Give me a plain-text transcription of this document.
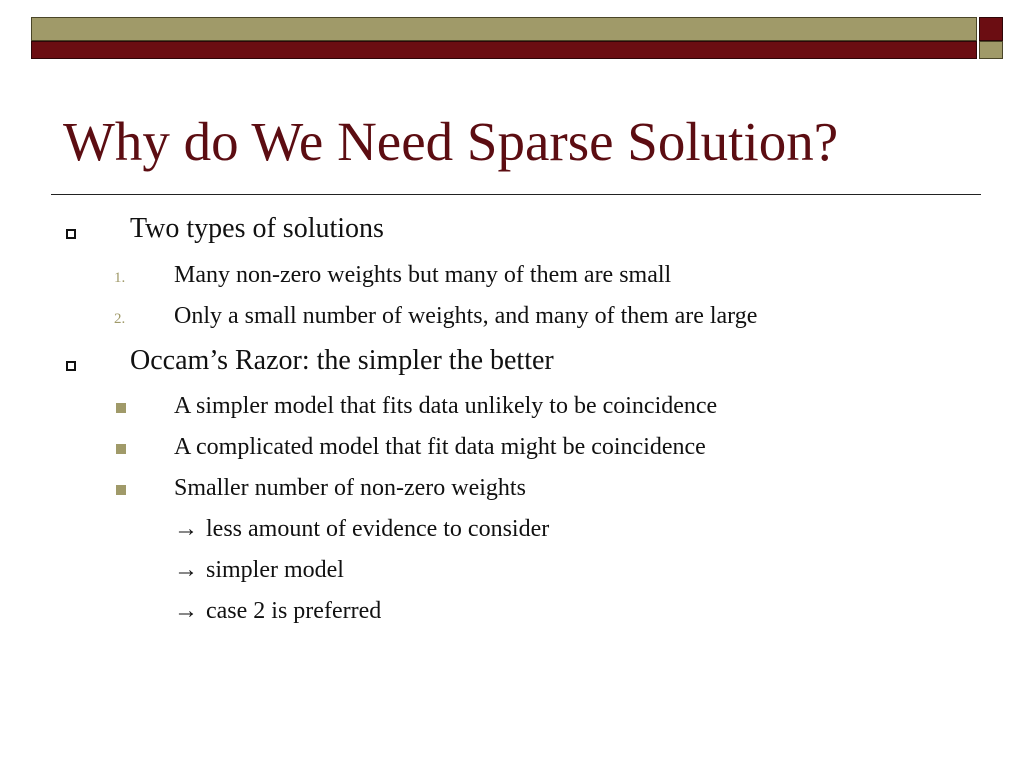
Why do We Need Sparse Solution?
Two types of solutions
1. Many non-zero weights but many of them are small
2. Only a small number of weights, and many of them are large
Occam’s Razor: the simpler the better
A simpler model that fits data unlikely to be coincidence
A complicated model that fit data might be coincidence
Smaller number of non-zero weights
→ less amount of evidence to consider
→ simpler model
→ case 2 is preferred
